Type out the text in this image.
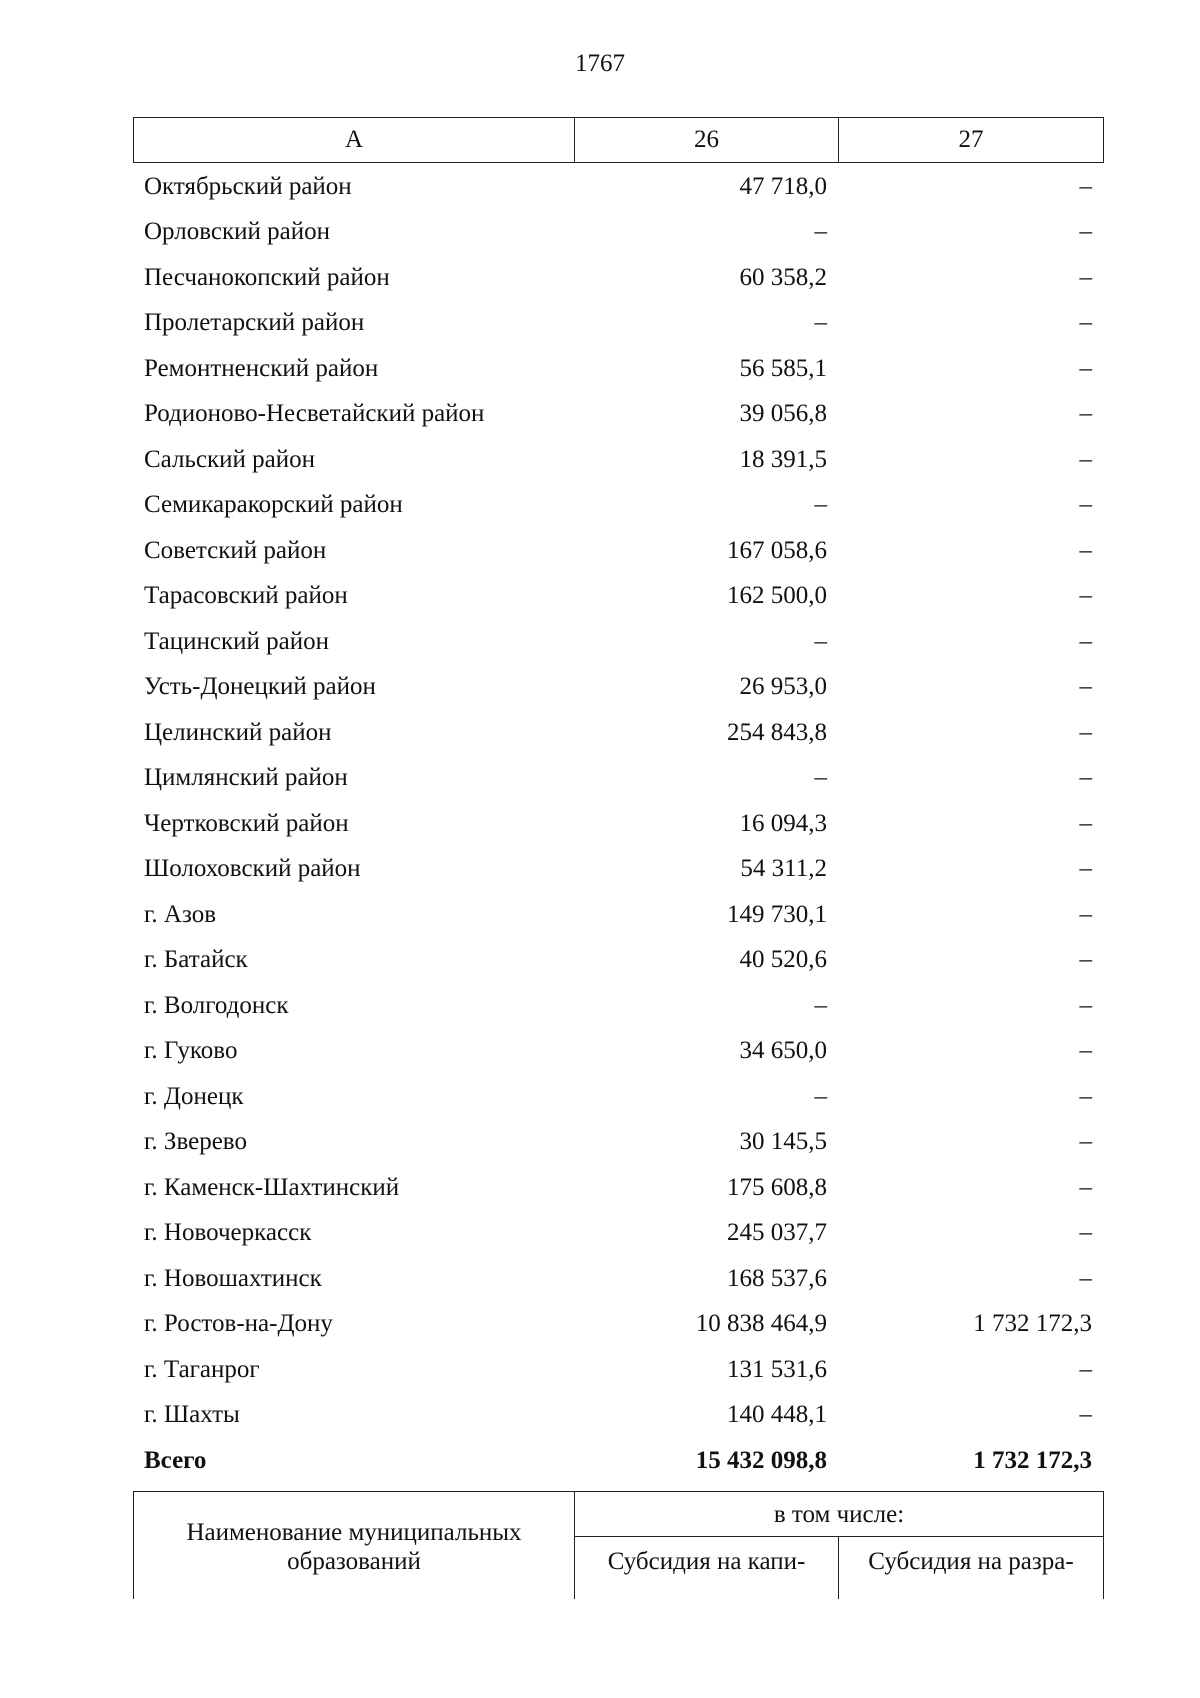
1767
А	26	27
Октябрьский район	47 718,0	–
Орловский район	–	–
Песчанокопский район	60 358,2	–
Пролетарский район	–	–
Ремонтненский район	56 585,1	–
Родионово-Несветайский район	39 056,8	–
Сальский район	18 391,5	–
Семикаракорский район	–	–
Советский район	167 058,6	–
Тарасовский район	162 500,0	–
Тацинский район	–	–
Усть-Донецкий район	26 953,0	–
Целинский район	254 843,8	–
Цимлянский район	–	–
Чертковский район	16 094,3	–
Шолоховский район	54 311,2	–
г. Азов	149 730,1	–
г. Батайск	40 520,6	–
г. Волгодонск	–	–
г. Гуково	34 650,0	–
г. Донецк	–	–
г. Зверево	30 145,5	–
г. Каменск-Шахтинский	175 608,8	–
г. Новочеркасск	245 037,7	–
г. Новошахтинск	168 537,6	–
г. Ростов-на-Дону	10 838 464,9	1 732 172,3
г. Таганрог	131 531,6	–
г. Шахты	140 448,1	–
Всего	15 432 098,8	1 732 172,3
Наименование муниципальных образований	в том числе:	
	Субсидия на капи-	Субсидия на разра-
